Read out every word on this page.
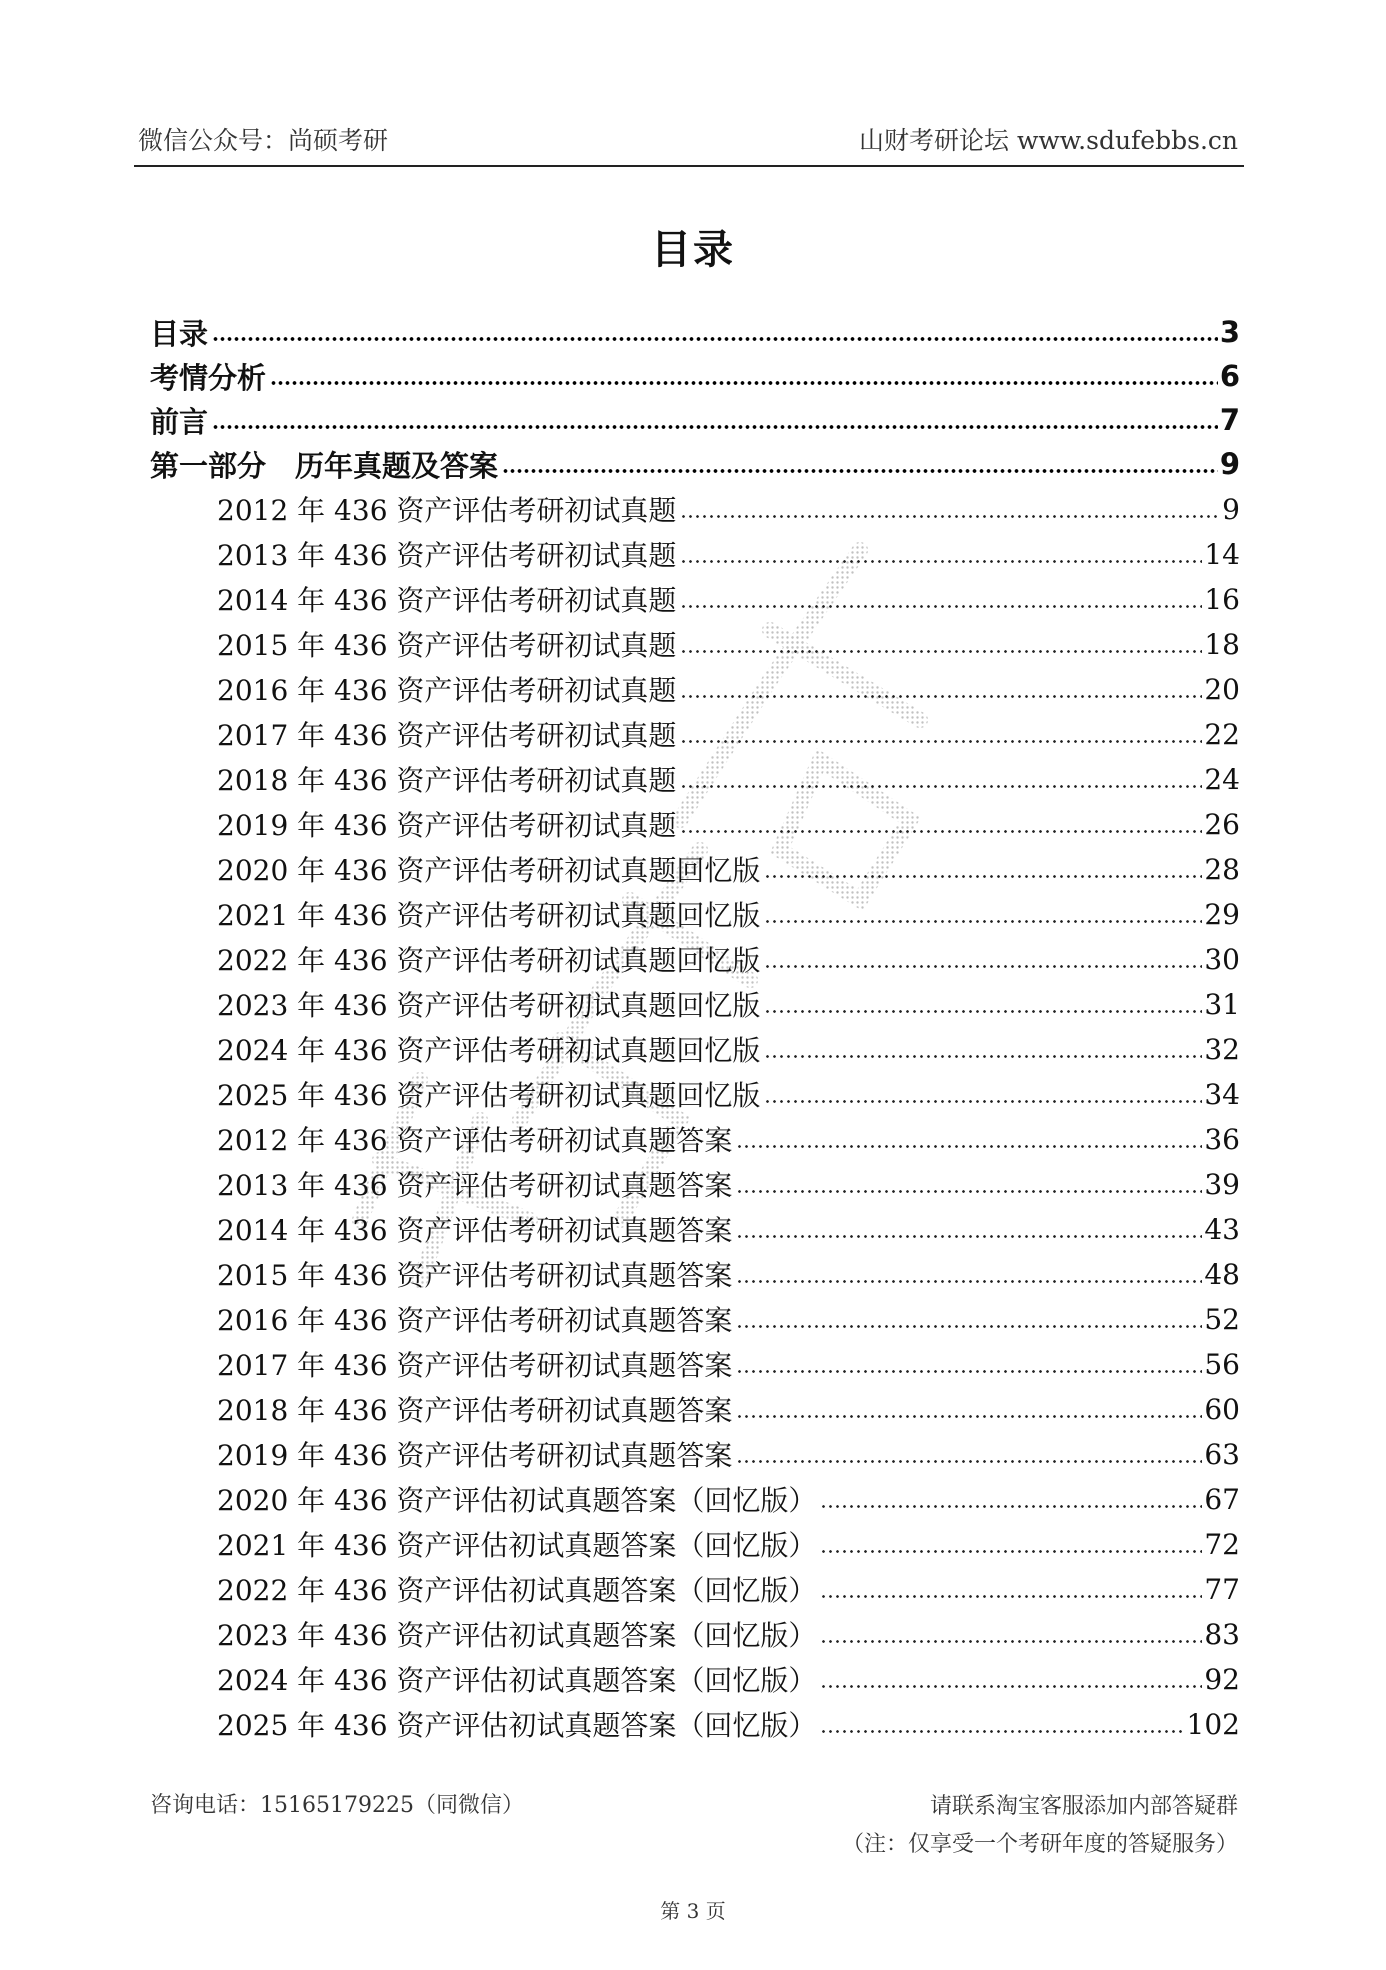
微信公众号：尚硕考研	山财考研论坛 www.sdufebbs.cn
目录
目录	3
考情分析	6
前言	7
第一部分　历年真题及答案	9
2012 年 436 资产评估考研初试真题	9
2013 年 436 资产评估考研初试真题	14
2014 年 436 资产评估考研初试真题	16
2015 年 436 资产评估考研初试真题	18
2016 年 436 资产评估考研初试真题	20
2017 年 436 资产评估考研初试真题	22
2018 年 436 资产评估考研初试真题	24
2019 年 436 资产评估考研初试真题	26
2020 年 436 资产评估考研初试真题回忆版	28
2021 年 436 资产评估考研初试真题回忆版	29
2022 年 436 资产评估考研初试真题回忆版	30
2023 年 436 资产评估考研初试真题回忆版	31
2024 年 436 资产评估考研初试真题回忆版	32
2025 年 436 资产评估考研初试真题回忆版	34
2012 年 436 资产评估考研初试真题答案	36
2013 年 436 资产评估考研初试真题答案	39
2014 年 436 资产评估考研初试真题答案	43
2015 年 436 资产评估考研初试真题答案	48
2016 年 436 资产评估考研初试真题答案	52
2017 年 436 资产评估考研初试真题答案	56
2018 年 436 资产评估考研初试真题答案	60
2019 年 436 资产评估考研初试真题答案	63
2020 年 436 资产评估初试真题答案（回忆版）	67
2021 年 436 资产评估初试真题答案（回忆版）	72
2022 年 436 资产评估初试真题答案（回忆版）	77
2023 年 436 资产评估初试真题答案（回忆版）	83
2024 年 436 资产评估初试真题答案（回忆版）	92
2025 年 436 资产评估初试真题答案（回忆版）	102
咨询电话：15165179225（同微信）	请联系淘宝客服添加内部答疑群
（注：仅享受一个考研年度的答疑服务）
第 3 页
